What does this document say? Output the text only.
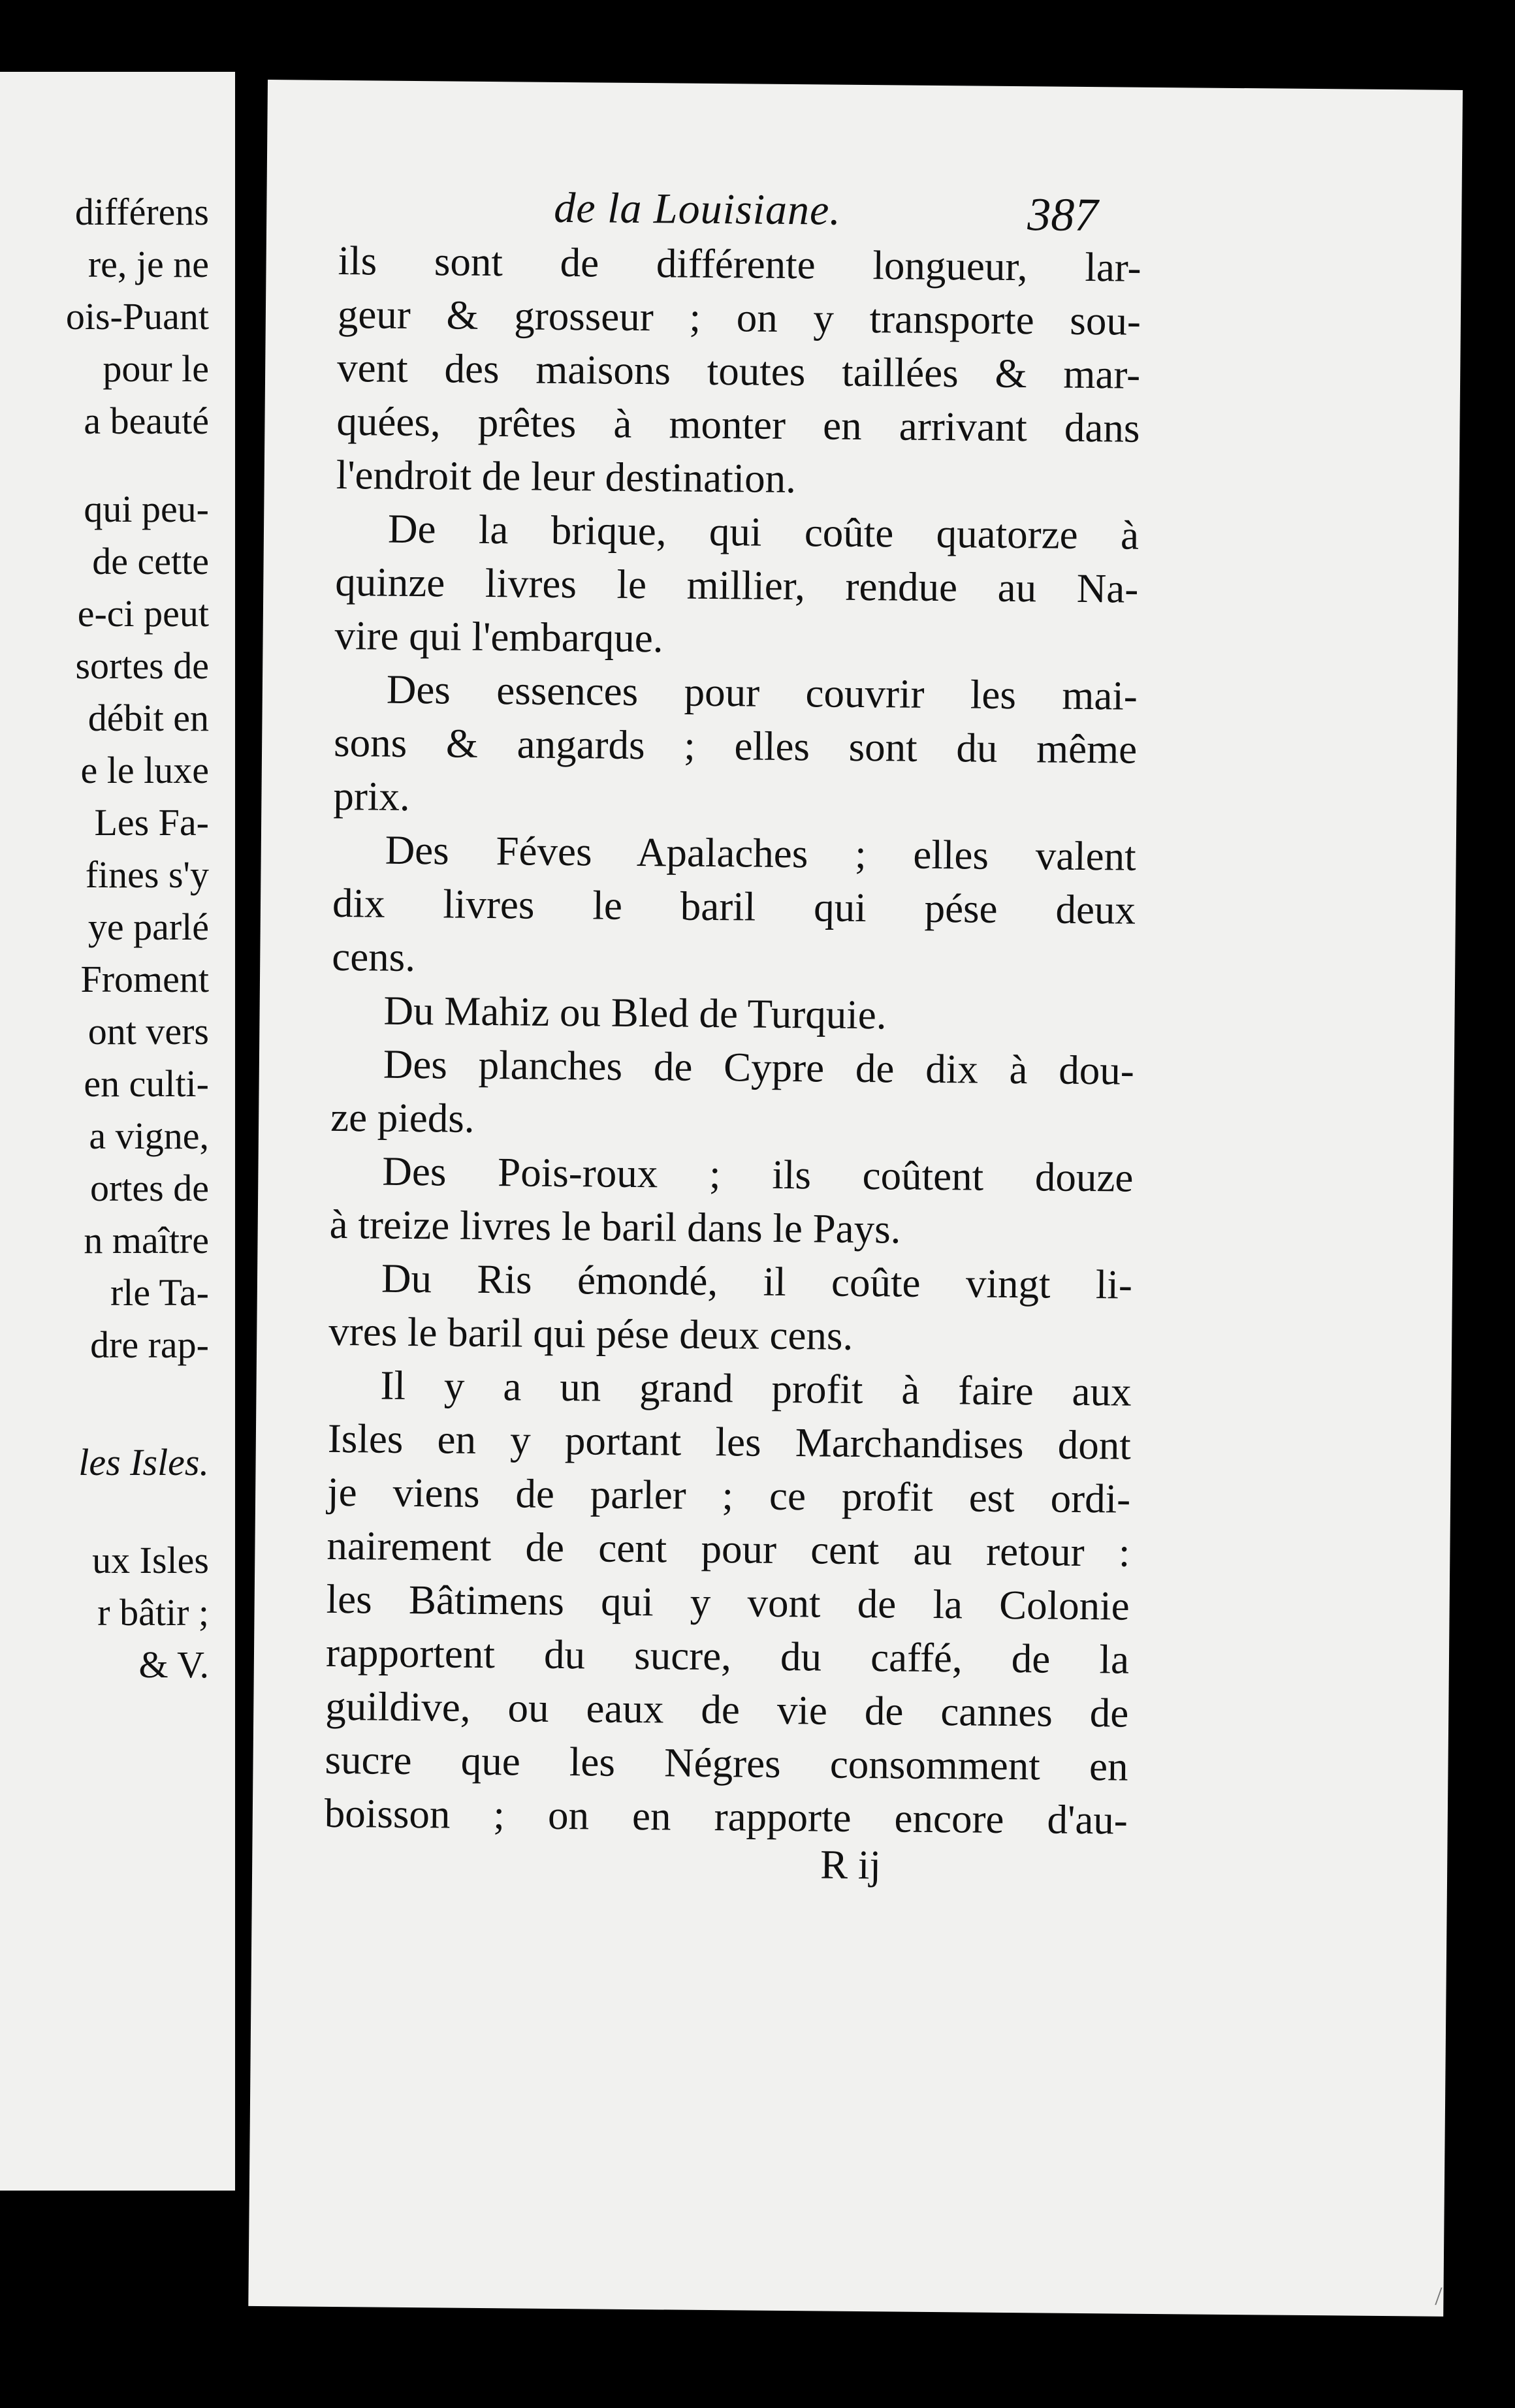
différens
re, je ne
ois-Puant
pour le
a beauté
qui peu-
de cette
e-ci peut
sortes de
débit en
e le luxe
Les Fa-
fines s'y
ye parlé
Froment
ont vers
en culti-
a vigne,
ortes de
n maître
rle Ta-
dre rap-
les Isles.
ux Isles
r bâtir ;
& V.
de la Louisiane.	387
ils sont de différente longueur, lar-
geur & grosseur ; on y transporte sou-
vent des maisons toutes taillées & mar-
quées, prêtes à monter en arrivant dans
l'endroit de leur destination.
De la brique, qui coûte quatorze à
quinze livres le millier, rendue au Na-
vire qui l'embarque.
Des essences pour couvrir les mai-
sons & angards ; elles sont du même
prix.
Des Féves Apalaches ; elles valent
dix livres le baril qui pése deux
cens.
Du Mahiz ou Bled de Turquie.
Des planches de Cypre de dix à dou-
ze pieds.
Des Pois-roux ; ils coûtent douze
à treize livres le baril dans le Pays.
Du Ris émondé, il coûte vingt li-
vres le baril qui pése deux cens.
Il y a un grand profit à faire aux
Isles en y portant les Marchandises dont
je viens de parler ; ce profit est ordi-
nairement de cent pour cent au retour :
les Bâtimens qui y vont de la Colonie
rapportent du sucre, du caffé, de la
guildive, ou eaux de vie de cannes de
sucre que les Négres consomment en
boisson ; on en rapporte encore d'au-
R ij
/
